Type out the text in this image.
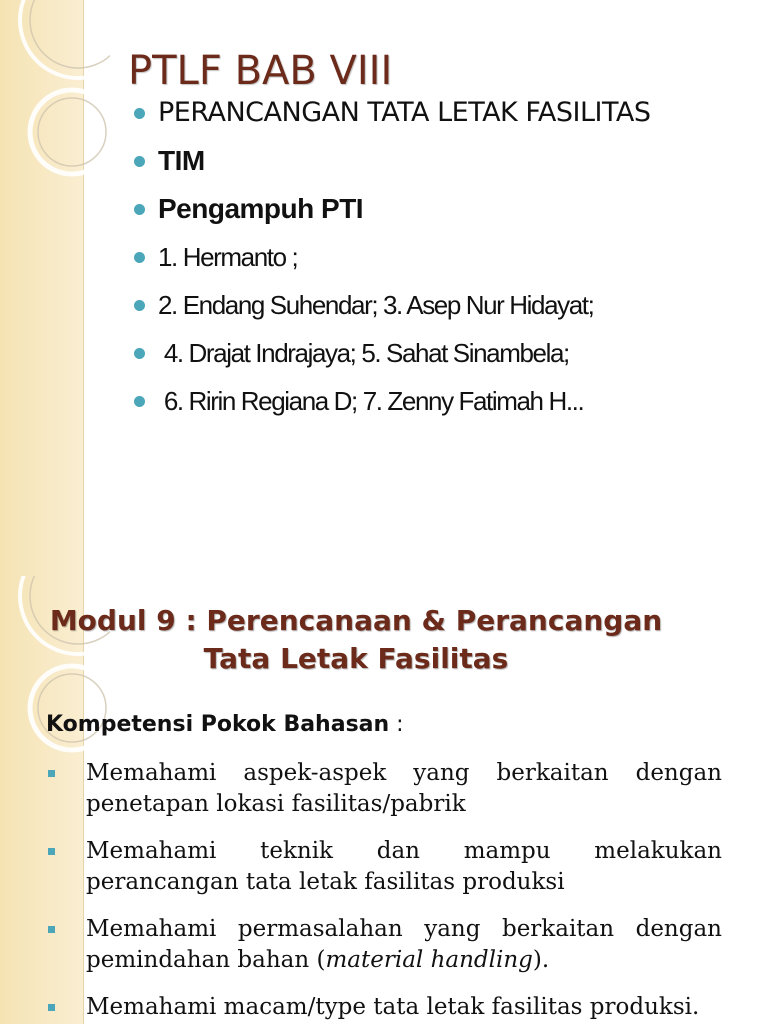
PTLF BAB VIII
PERANCANGAN TATA LETAK FASILITAS
TIM
Pengampuh PTI
1. Hermanto ;
2. Endang Suhendar; 3. Asep Nur Hidayat;
4. Drajat Indrajaya; 5. Sahat Sinambela;
6. Ririn Regiana D; 7. Zenny Fatimah H...
Modul 9 : Perencanaan & Perancangan
Tata Letak Fasilitas
Kompetensi Pokok Bahasan :
Memahami aspek-aspek yang berkaitan dengan penetapan lokasi fasilitas/pabrik
Memahami teknik dan mampu melakukan perancangan tata letak fasilitas produksi
Memahami permasalahan yang berkaitan dengan pemindahan bahan (material handling).
Memahami macam/type tata letak fasilitas produksi.
